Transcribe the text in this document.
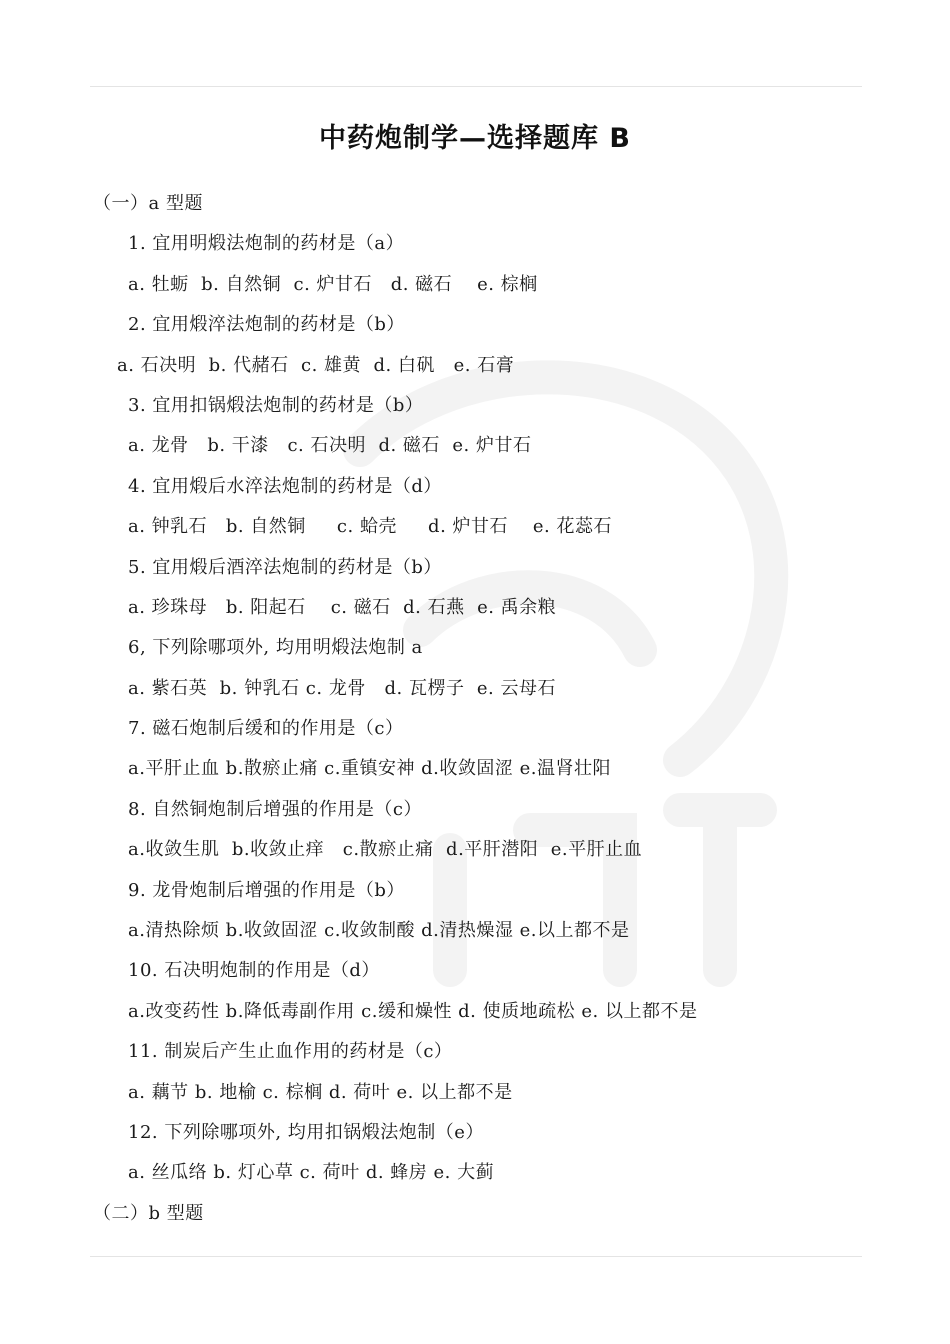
中药炮制学—选择题库 B
（一）a 型题
1. 宜用明煅法炮制的药材是（a）
a. 牡蛎  b. 自然铜  c. 炉甘石   d. 磁石    e. 棕榈
2. 宜用煅淬法炮制的药材是（b）
a. 石决明  b. 代赭石  c. 雄黄  d. 白矾   e. 石膏
3. 宜用扣锅煅法炮制的药材是（b）
a. 龙骨   b. 干漆   c. 石决明  d. 磁石  e. 炉甘石
4. 宜用煅后水淬法炮制的药材是（d）
a. 钟乳石   b. 自然铜     c. 蛤壳     d. 炉甘石    e. 花蕊石
5. 宜用煅后酒淬法炮制的药材是（b）
a. 珍珠母   b. 阳起石    c. 磁石  d. 石燕  e. 禹余粮
6, 下列除哪项外, 均用明煅法炮制 a
a. 紫石英  b. 钟乳石 c. 龙骨   d. 瓦楞子  e. 云母石
7. 磁石炮制后缓和的作用是（c）
a.平肝止血 b.散瘀止痛 c.重镇安神 d.收敛固涩 e.温肾壮阳
8. 自然铜炮制后增强的作用是（c）
a.收敛生肌  b.收敛止痒   c.散瘀止痛  d.平肝潜阳  e.平肝止血
9. 龙骨炮制后增强的作用是（b）
a.清热除烦 b.收敛固涩 c.收敛制酸 d.清热燥湿 e.以上都不是
10. 石决明炮制的作用是（d）
a.改变药性 b.降低毒副作用 c.缓和燥性 d. 使质地疏松 e. 以上都不是
11. 制炭后产生止血作用的药材是（c）
a. 藕节 b. 地榆 c. 棕榈 d. 荷叶 e. 以上都不是
12. 下列除哪项外, 均用扣锅煅法炮制（e）
a. 丝瓜络 b. 灯心草 c. 荷叶 d. 蜂房 e. 大蓟
（二）b 型题
